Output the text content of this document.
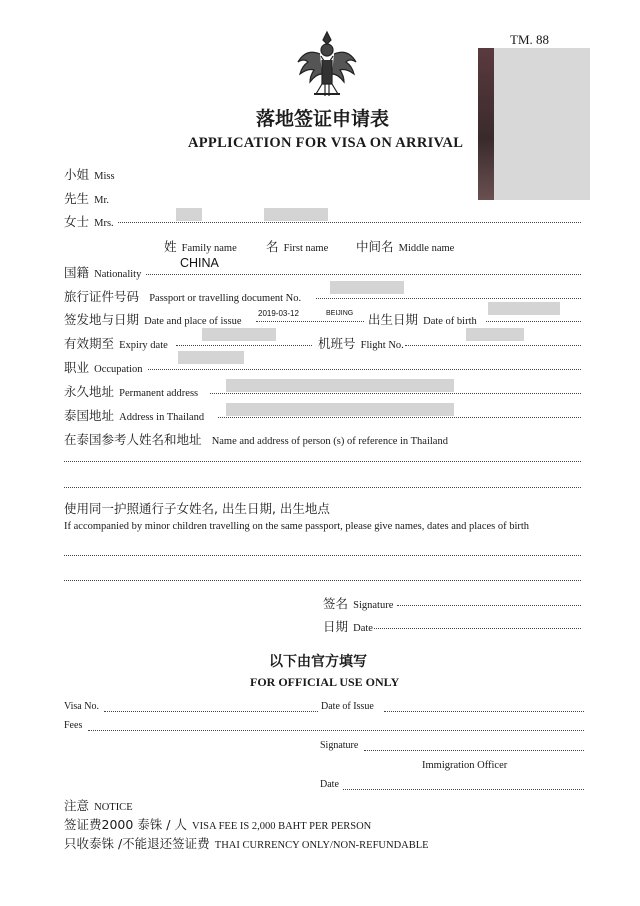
TM. 88
落地签证申请表
APPLICATION FOR VISA ON ARRIVAL
小姐 Miss
先生 Mr.
女士 Mrs.
姓 Family name 名 First name 中间名 Middle name
国籍 Nationality
CHINA
旅行证件号码 Passport or travelling document No.
签发地与日期 Date and place of issue
2019-03-12	BEIJING 出生日期 Date of birth
有效期至 Expiry date	机班号 Flight No.
职业 Occupation
永久地址 Permanent address
泰国地址 Address in Thailand
在泰国参考人姓名和地址 Name and address of person (s) of reference in Thailand
使用同一护照通行子女姓名, 出生日期, 出生地点
If accompanied by minor children travelling on the same passport, please give names, dates and places of birth
签名 Signature
日期 Date
以下由官方填写
FOR OFFICIAL USE ONLY
Visa No.	Date of Issue
Fees
Signature
Immigration Officer
Date
注意 NOTICE
签证费2000 泰铢 / 人 VISA FEE IS 2,000 BAHT PER PERSON
只收泰铢 /不能退还签证费 THAI CURRENCY ONLY/NON-REFUNDABLE
